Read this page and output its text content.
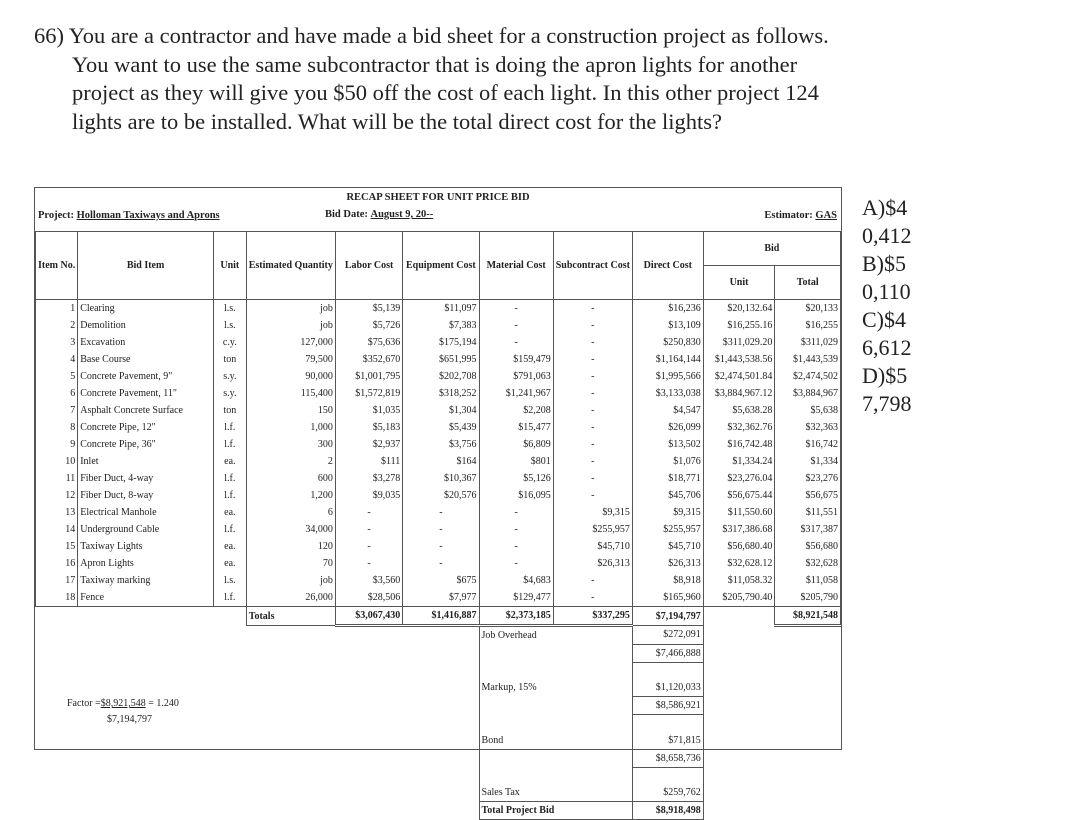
66) You are a contractor and have made a bid sheet for a construction project as follows.
You want to use the same subcontractor that is doing the apron lights for another
project as they will give you $50 off the cost of each light. In this other project 124
lights are to be installed. What will be the total direct cost for the lights?
RECAP SHEET FOR UNIT PRICE BID
Project: Holloman Taxiways and Aprons	Bid Date: August 9, 20--	Estimator: GAS
Item No.	Bid Item	Unit	Estimated Quantity	Labor Cost	Equipment Cost	Material Cost	Subcontract Cost	Direct Cost	Bid	
									Unit	Total
1	Clearing	l.s.	job	$5,139	$11,097	-	-	$16,236	$20,132.64	$20,133
2	Demolition	l.s.	job	$5,726	$7,383	-	-	$13,109	$16,255.16	$16,255
3	Excavation	c.y.	127,000	$75,636	$175,194	-	-	$250,830	$311,029.20	$311,029
4	Base Course	ton	79,500	$352,670	$651,995	$159,479	-	$1,164,144	$1,443,538.56	$1,443,539
5	Concrete Pavement, 9"	s.y.	90,000	$1,001,795	$202,708	$791,063	-	$1,995,566	$2,474,501.84	$2,474,502
6	Concrete Pavement, 11"	s.y.	115,400	$1,572,819	$318,252	$1,241,967	-	$3,133,038	$3,884,967.12	$3,884,967
7	Asphalt Concrete Surface	ton	150	$1,035	$1,304	$2,208	-	$4,547	$5,638.28	$5,638
8	Concrete Pipe, 12"	l.f.	1,000	$5,183	$5,439	$15,477	-	$26,099	$32,362.76	$32,363
9	Concrete Pipe, 36"	l.f.	300	$2,937	$3,756	$6,809	-	$13,502	$16,742.48	$16,742
10	Inlet	ea.	2	$111	$164	$801	-	$1,076	$1,334.24	$1,334
11	Fiber Duct, 4-way	l.f.	600	$3,278	$10,367	$5,126	-	$18,771	$23,276.04	$23,276
12	Fiber Duct, 8-way	l.f.	1,200	$9,035	$20,576	$16,095	-	$45,706	$56,675.44	$56,675
13	Electrical Manhole	ea.	6	-	-	-	$9,315	$9,315	$11,550.60	$11,551
14	Underground Cable	l.f.	34,000	-	-	-	$255,957	$255,957	$317,386.68	$317,387
15	Taxiway Lights	ea.	120	-	-	-	$45,710	$45,710	$56,680.40	$56,680
16	Apron Lights	ea.	70	-	-	-	$26,313	$26,313	$32,628.12	$32,628
17	Taxiway marking	l.s.	job	$3,560	$675	$4,683	-	$8,918	$11,058.32	$11,058
18	Fence	l.f.	26,000	$28,506	$7,977	$129,477	-	$165,960	$205,790.40	$205,790
			Totals	$3,067,430	$1,416,887	$2,373,185	$337,295	$7,194,797		$8,921,548
						Job Overhead		$272,091		
								$7,466,888		

						Markup, 15%		$1,120,033		
								$8,586,921		

						Bond		$71,815		
								$8,658,736		

						Sales Tax		$259,762		
						Total Project Bid		$8,918,498		
Factor =$8,921,548 = 1.240
$7,194,797
A)$4
0,412
B)$5
0,110
C)$4
6,612
D)$5
7,798
